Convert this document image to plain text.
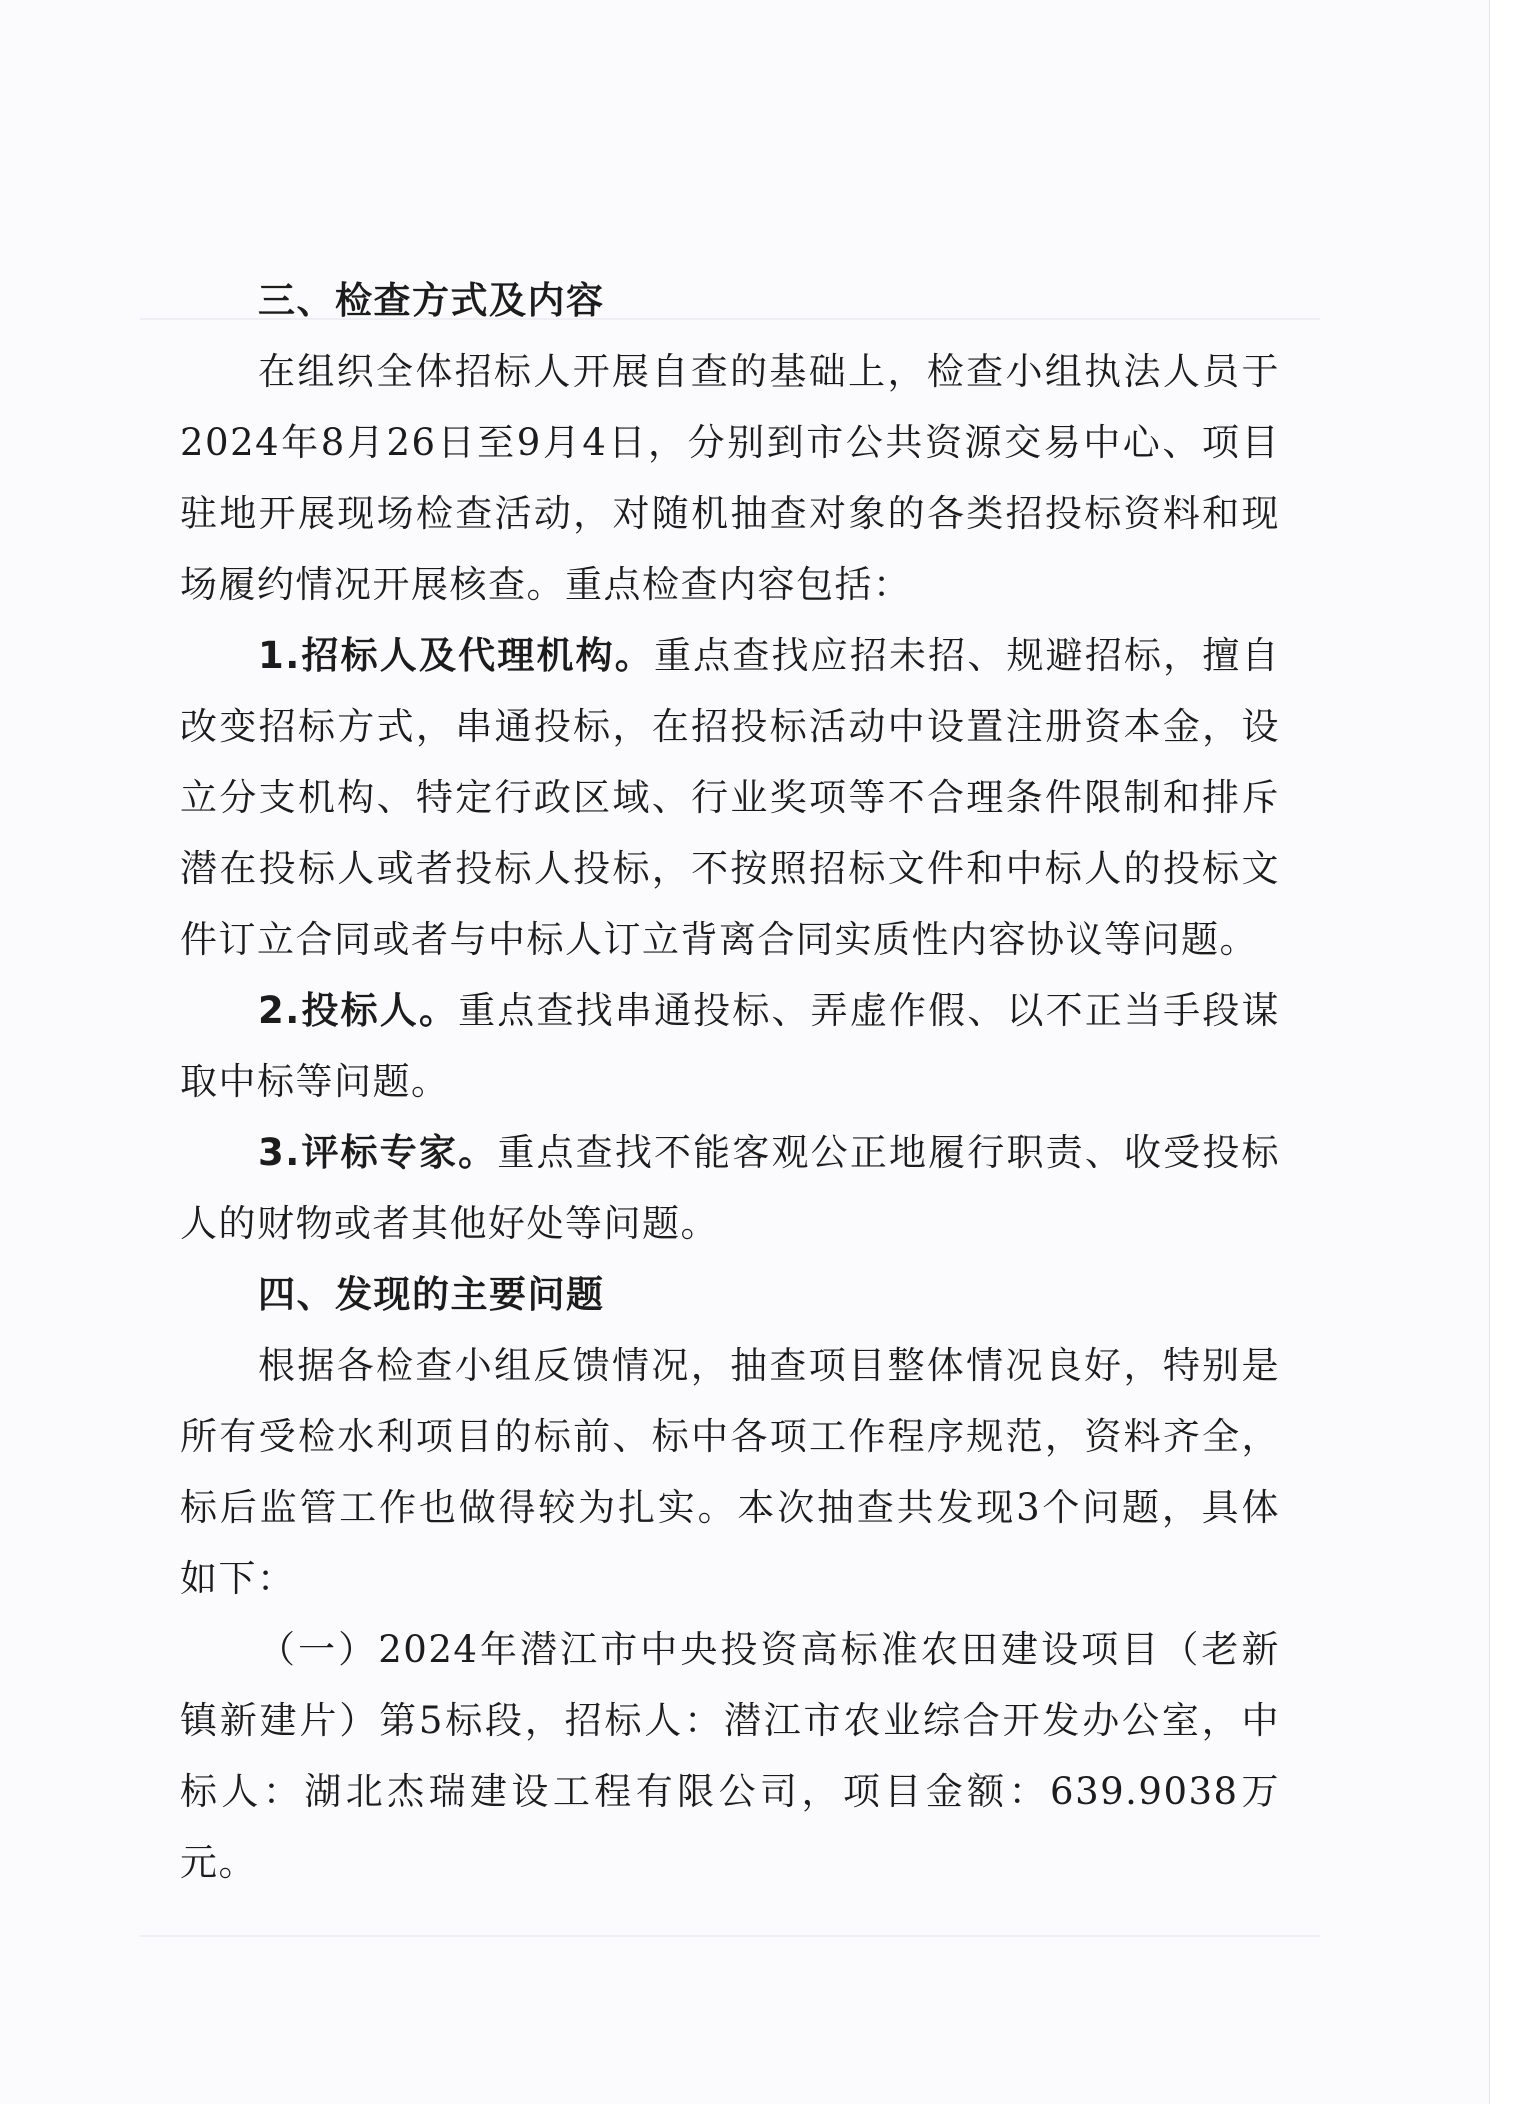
三、检查方式及内容

在组织全体招标人开展自查的基础上，检查小组执法人员于2024年8月26日至9月4日，分别到市公共资源交易中心、项目驻地开展现场检查活动，对随机抽查对象的各类招投标资料和现场履约情况开展核查。重点检查内容包括：

1.招标人及代理机构。重点查找应招未招、规避招标，擅自改变招标方式，串通投标，在招投标活动中设置注册资本金，设立分支机构、特定行政区域、行业奖项等不合理条件限制和排斥潜在投标人或者投标人投标，不按照招标文件和中标人的投标文件订立合同或者与中标人订立背离合同实质性内容协议等问题。

2.投标人。重点查找串通投标、弄虚作假、以不正当手段谋取中标等问题。

3.评标专家。重点查找不能客观公正地履行职责、收受投标人的财物或者其他好处等问题。

四、发现的主要问题

根据各检查小组反馈情况，抽查项目整体情况良好，特别是所有受检水利项目的标前、标中各项工作程序规范，资料齐全，标后监管工作也做得较为扎实。本次抽查共发现3个问题，具体如下：

（一）2024年潜江市中央投资高标准农田建设项目（老新镇新建片）第5标段，招标人：潜江市农业综合开发办公室，中标人：湖北杰瑞建设工程有限公司，项目金额：639.9038万元。
